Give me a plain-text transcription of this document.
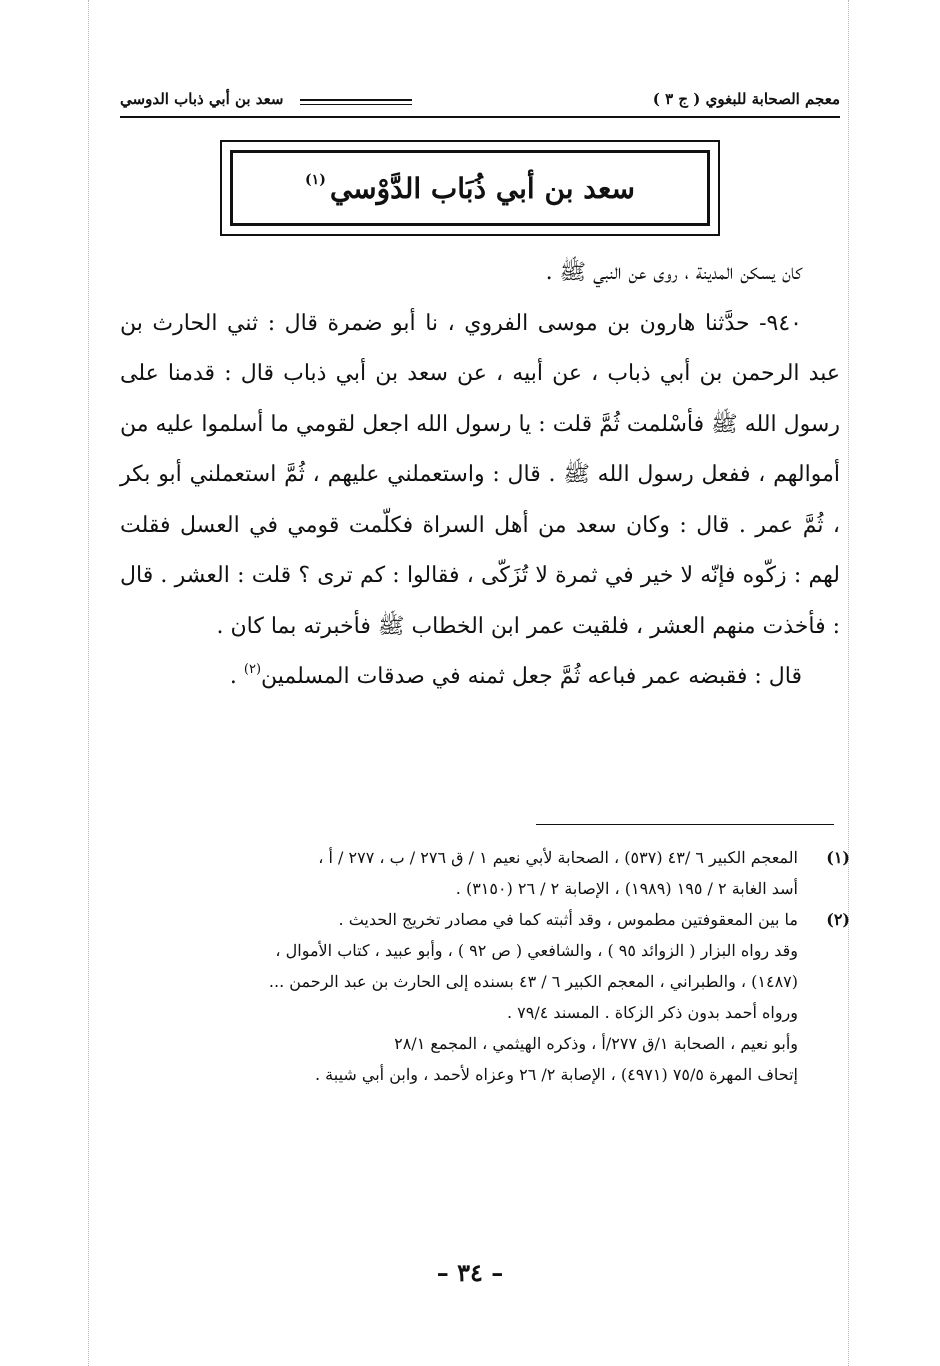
معجم الصحابة للبغوي ( ج ٣ )
سعد بن أبي ذباب الدوسي
سعد بن أبي ذُبَاب الدَّوْسي$^{(١)}$

كان يسكن المدينة ، روى عن النبي ﷺ .

٩٤٠- حدَّثنا هارون بن موسى الفروي ، نا أبو ضمرة قال : ثني الحارث بن عبد الرحمن بن أبي ذباب ، عن أبيه ، عن سعد بن أبي ذباب قال : قدمنا على رسول الله ﷺ فأسْلمت ثُمَّ قلت : يا رسول الله اجعل لقومي ما أسلموا عليه من أموالهم ، ففعل رسول الله ﷺ . قال : واستعملني عليهم ، ثُمَّ استعملني أبو بكر ، ثُمَّ عمر . قال : وكان سعد من أهل السراة فكلّمت قومي في العسل فقلت لهم : زكّوه فإنّه لا خير في ثمرة لا تُزَكّى ، فقالوا : كم ترى ؟ قلت : العشر . قال : فأخذت منهم العشر ، فلقيت عمر ابن الخطاب ﷺ فأخبرته بما كان .

قال : فقبضه عمر فباعه ثُمَّ جعل ثمنه في صدقات المسلمين$^{(٢)}$ .

(١)
المعجم الكبير ٦ /٤٣ (٥٣٧) ، الصحابة لأبي نعيم ١ / ق ٢٧٦ / ب ، ٢٧٧ / أ ،
أسد الغابة ٢ / ١٩٥ (١٩٨٩) ، الإصابة ٢ / ٢٦ (٣١٥٠) .
(٢)
ما بين المعقوفتين مطموس ، وقد أثبته كما في مصادر تخريج الحديث .
وقد رواه البزار ( الزوائد ٩٥ ) ، والشافعي ( ص ٩٢ ) ، وأبو عبيد ، كتاب الأموال ،
(١٤٨٧) ، والطبراني ، المعجم الكبير ٦ / ٤٣ بسنده إلى الحارث بن عبد الرحمن ...
ورواه أحمد بدون ذكر الزكاة . المسند ٧٩/٤ .
وأبو نعيم ، الصحابة ١/ق ٢٧٧/أ ، وذكره الهيثمي ، المجمع ٢٨/١
إتحاف المهرة ٧٥/٥ (٤٩٧١) ، الإصابة ٢/ ٢٦ وعزاه لأحمد ، وابن أبي شيبة .
– ٣٤ –
